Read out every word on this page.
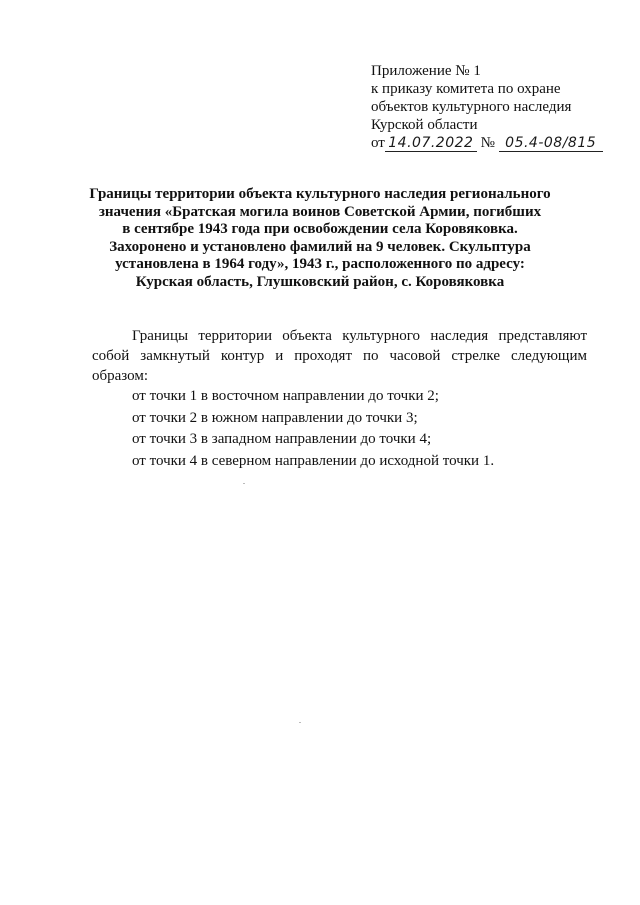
Приложение № 1
к приказу комитета по охране
объектов культурного наследия
Курской области
от 14.07.2022 № 05.4-08/815
Границы территории объекта культурного наследия регионального
значения «Братская могила воинов Советской Армии, погибших
в сентябре 1943 года при освобождении села Коровяковка.
Захоронено и установлено фамилий на 9 человек. Скульптура
установлена в 1964 году», 1943 г., расположенного по адресу:
Курская область, Глушковский район, с. Коровяковка

Границы территории объекта культурного наследия представляют собой замкнутый контур и проходят по часовой стрелке следующим образом:

от точки 1 в восточном направлении до точки 2;
от точки 2 в южном направлении до точки 3;
от точки 3 в западном направлении до точки 4;
от точки 4 в северном направлении до исходной точки 1.
